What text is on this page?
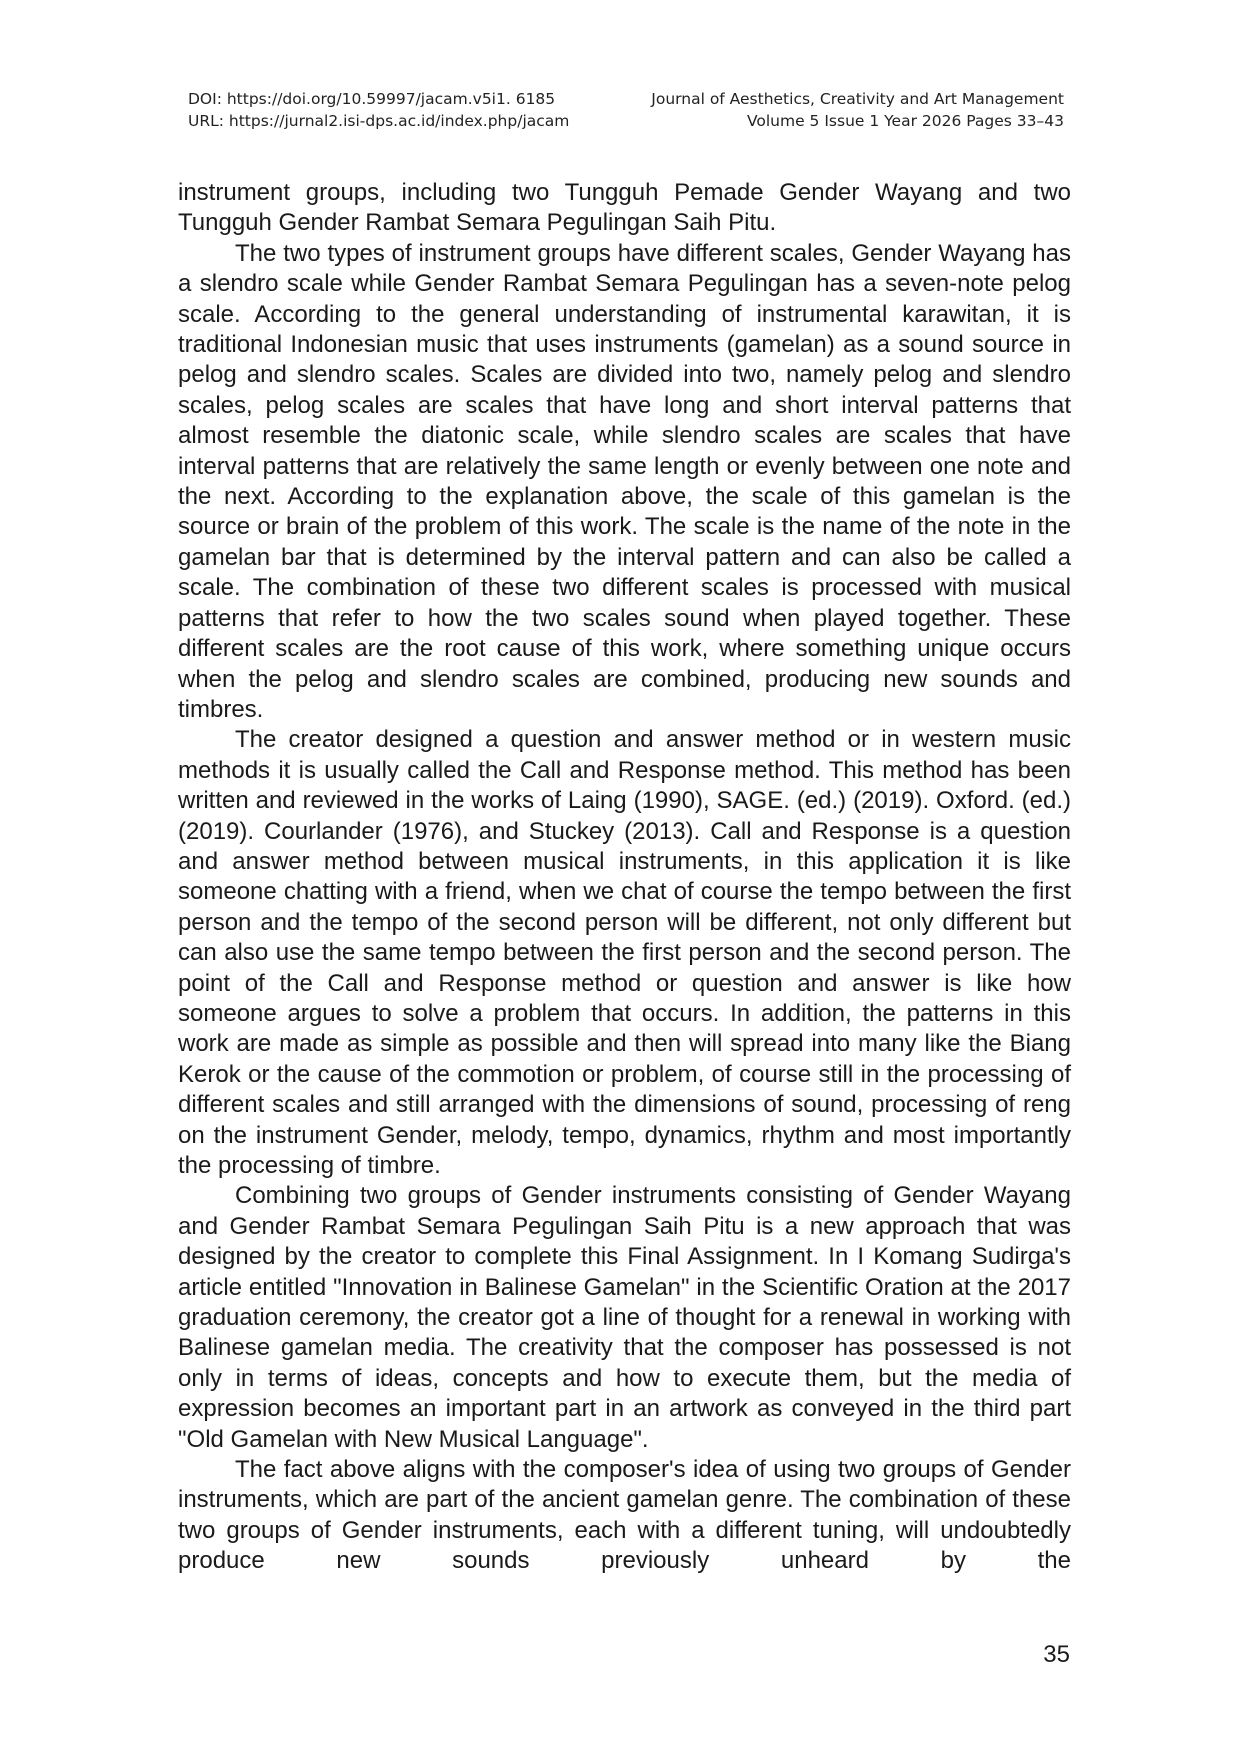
DOI: https://doi.org/10.59997/jacam.v5i1. 6185	Journal of Aesthetics, Creativity and Art Management
URL: https://jurnal2.isi-dps.ac.id/index.php/jacam	Volume 5 Issue 1 Year 2026 Pages 33–43

instrument groups, including two Tungguh Pemade Gender Wayang and two Tungguh Gender Rambat Semara Pegulingan Saih Pitu.

The two types of instrument groups have different scales, Gender Wayang has a slendro scale while Gender Rambat Semara Pegulingan has a seven-note pelog scale. According to the general understanding of instrumental karawitan, it is traditional Indonesian music that uses instruments (gamelan) as a sound source in pelog and slendro scales. Scales are divided into two, namely pelog and slendro scales, pelog scales are scales that have long and short interval patterns that almost resemble the diatonic scale, while slendro scales are scales that have interval patterns that are relatively the same length or evenly between one note and the next. According to the explanation above, the scale of this gamelan is the source or brain of the problem of this work. The scale is the name of the note in the gamelan bar that is determined by the interval pattern and can also be called a scale. The combination of these two different scales is processed with musical patterns that refer to how the two scales sound when played together. These different scales are the root cause of this work, where something unique occurs when the pelog and slendro scales are combined, producing new sounds and timbres.

The creator designed a question and answer method or in western music methods it is usually called the Call and Response method. This method has been written and reviewed in the works of Laing (1990), SAGE. (ed.) (2019). Oxford. (ed.) (2019). Courlander (1976), and Stuckey (2013). Call and Response is a question and answer method between musical instruments, in this application it is like someone chatting with a friend, when we chat of course the tempo between the first person and the tempo of the second person will be different, not only different but can also use the same tempo between the first person and the second person. The point of the Call and Response method or question and answer is like how someone argues to solve a problem that occurs. In addition, the patterns in this work are made as simple as possible and then will spread into many like the Biang Kerok or the cause of the commotion or problem, of course still in the processing of different scales and still arranged with the dimensions of sound, processing of reng on the instrument Gender, melody, tempo, dynamics, rhythm and most importantly the processing of timbre.

Combining two groups of Gender instruments consisting of Gender Wayang and Gender Rambat Semara Pegulingan Saih Pitu is a new approach that was designed by the creator to complete this Final Assignment. In I Komang Sudirga's article entitled "Innovation in Balinese Gamelan" in the Scientific Oration at the 2017 graduation ceremony, the creator got a line of thought for a renewal in working with Balinese gamelan media. The creativity that the composer has possessed is not only in terms of ideas, concepts and how to execute them, but the media of expression becomes an important part in an artwork as conveyed in the third part "Old Gamelan with New Musical Language".

The fact above aligns with the composer's idea of using two groups of Gender instruments, which are part of the ancient gamelan genre. The combination of these two groups of Gender instruments, each with a different tuning, will undoubtedly produce new sounds previously unheard by the

35
